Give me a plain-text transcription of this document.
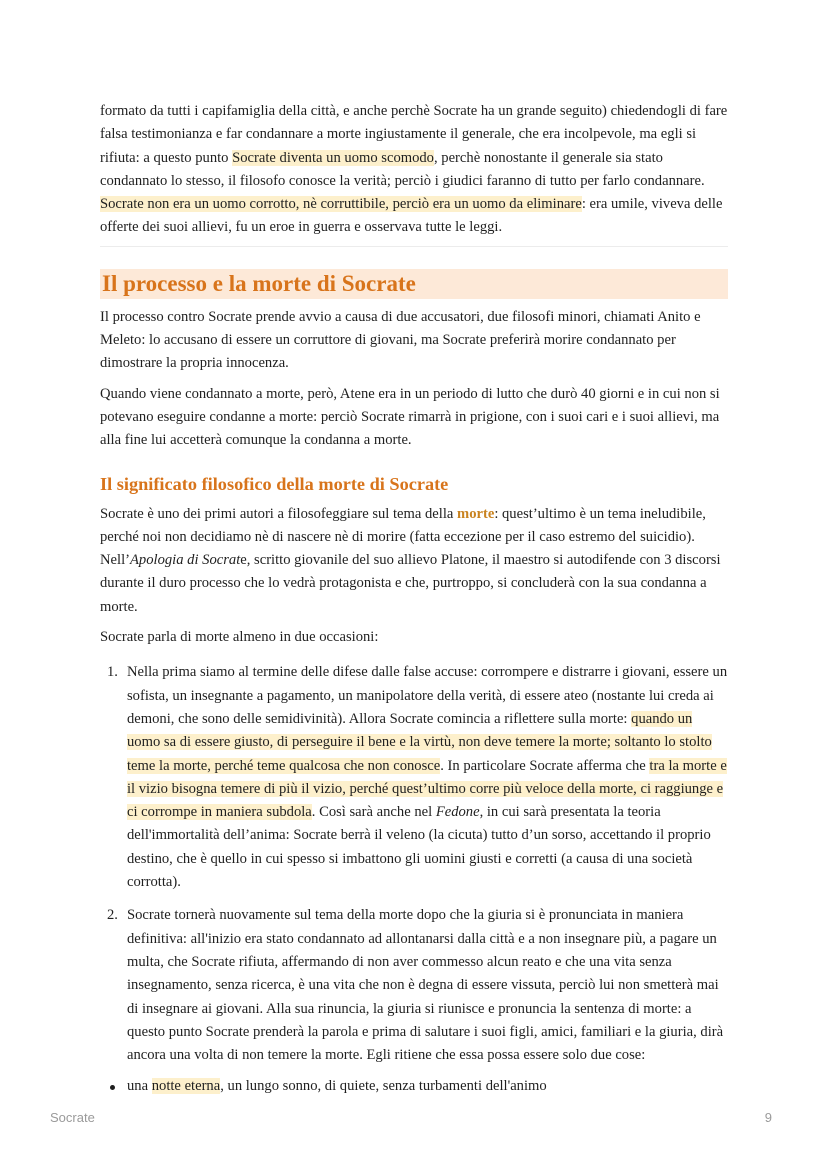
formato da tutti i capifamiglia della città, e anche perchè Socrate ha un grande seguito) chiedendogli di fare falsa testimonianza e far condannare a morte ingiustamente il generale, che era incolpevole, ma egli si rifiuta: a questo punto Socrate diventa un uomo scomodo, perchè nonostante il generale sia stato condannato lo stesso, il filosofo conosce la verità; perciò i giudici faranno di tutto per farlo condannare. Socrate non era un uomo corrotto, nè corruttibile, perciò era un uomo da eliminare: era umile, viveva delle offerte dei suoi allievi, fu un eroe in guerra e osservava tutte le leggi.

Il processo e la morte di Socrate

Il processo contro Socrate prende avvio a causa di due accusatori, due filosofi minori, chiamati Anito e Meleto: lo accusano di essere un corruttore di giovani, ma Socrate preferirà morire condannato per dimostrare la propria innocenza.

Quando viene condannato a morte, però, Atene era in un periodo di lutto che durò 40 giorni e in cui non si potevano eseguire condanne a morte: perciò Socrate rimarrà in prigione, con i suoi cari e i suoi allievi, ma alla fine lui accetterà comunque la condanna a morte.

Il significato filosofico della morte di Socrate

Socrate è uno dei primi autori a filosofeggiare sul tema della morte: quest’ultimo è un tema ineludibile, perché noi non decidiamo nè di nascere nè di morire (fatta eccezione per il caso estremo del suicidio). Nell’Apologia di Socrate, scritto giovanile del suo allievo Platone, il maestro si autodifende con 3 discorsi durante il duro processo che lo vedrà protagonista e che, purtroppo, si concluderà con la sua condanna a morte.

Socrate parla di morte almeno in due occasioni:

1. Nella prima siamo al termine delle difese dalle false accuse: corrompere e distrarre i giovani, essere un sofista, un insegnante a pagamento, un manipolatore della verità, di essere ateo (nostante lui creda ai demoni, che sono delle semidivinità). Allora Socrate comincia a riflettere sulla morte: quando un uomo sa di essere giusto, di perseguire il bene e la virtù, non deve temere la morte; soltanto lo stolto teme la morte, perché teme qualcosa che non conosce. In particolare Socrate afferma che tra la morte e il vizio bisogna temere di più il vizio, perché quest’ultimo corre più veloce della morte, ci raggiunge e ci corrompe in maniera subdola. Così sarà anche nel Fedone, in cui sarà presentata la teoria dell'immortalità dell’anima: Socrate berrà il veleno (la cicuta) tutto d’un sorso, accettando il proprio destino, che è quello in cui spesso si imbattono gli uomini giusti e corretti (a causa di una società corrotta).
2. Socrate tornerà nuovamente sul tema della morte dopo che la giuria si è pronunciata in maniera definitiva: all'inizio era stato condannato ad allontanarsi dalla città e a non insegnare più, a pagare un multa, che Socrate rifiuta, affermando di non aver commesso alcun reato e che una vita senza insegnamento, senza ricerca, è una vita che non è degna di essere vissuta, perciò lui non smetterà mai di insegnare ai giovani. Alla sua rinuncia, la giuria si riunisce e pronuncia la sentenza di morte: a questo punto Socrate prenderà la parola e prima di salutare i suoi figli, amici, familiari e la giuria, dirà ancora una volta di non temere la morte. Egli ritiene che essa possa essere solo due cose:
una notte eterna, un lungo sonno, di quiete, senza turbamenti dell'animo
Socrate	9
